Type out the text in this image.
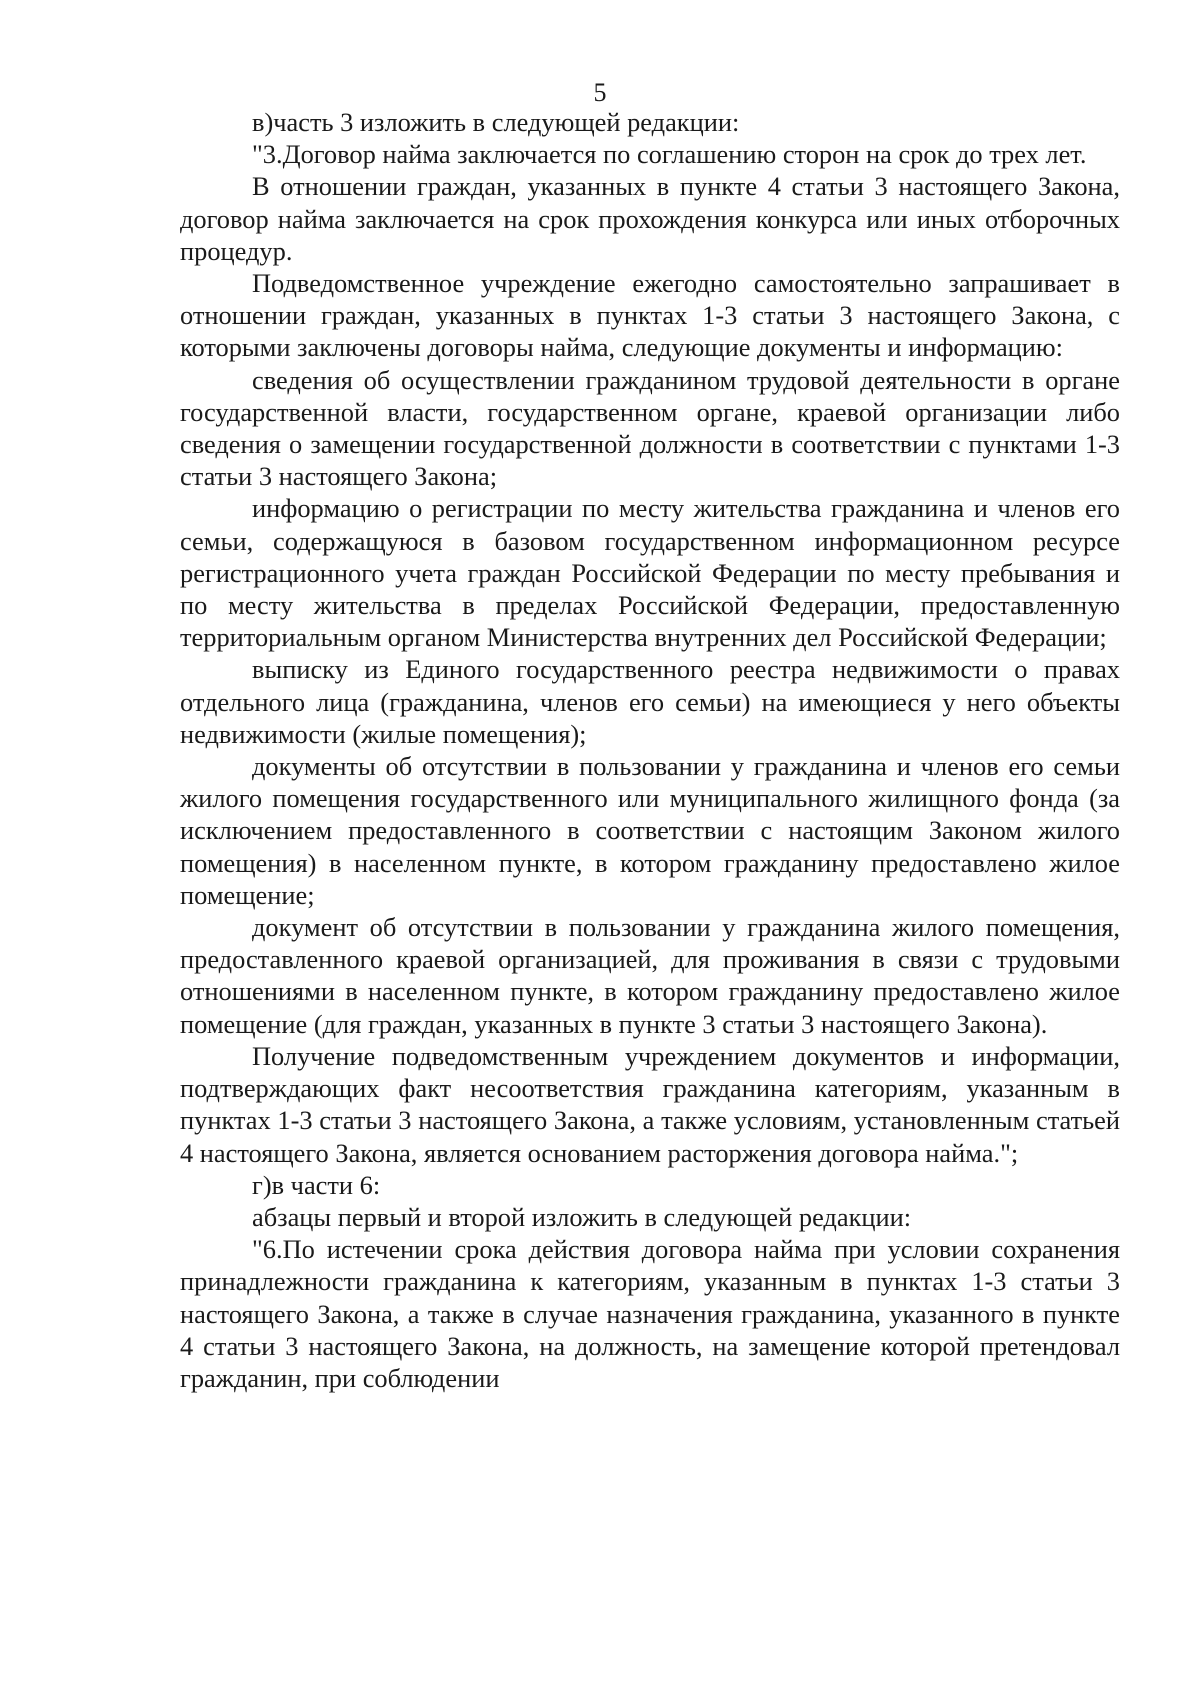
5

в)часть 3 изложить в следующей редакции:

"3.Договор найма заключается по соглашению сторон на срок до трех лет.

В отношении граждан, указанных в пункте 4 статьи 3 настоящего Закона, договор найма заключается на срок прохождения конкурса или иных отборочных процедур.

Подведомственное учреждение ежегодно самостоятельно запрашивает в отношении граждан, указанных в пунктах 1-3 статьи 3 настоящего Закона, с которыми заключены договоры найма, следующие документы и информацию:

сведения об осуществлении гражданином трудовой деятельности в органе государственной власти, государственном органе, краевой организации либо сведения о замещении государственной должности в соответствии с пунктами 1-3 статьи 3 настоящего Закона;

информацию о регистрации по месту жительства гражданина и членов его семьи, содержащуюся в базовом государственном информационном ресурсе регистрационного учета граждан Российской Федерации по месту пребывания и по месту жительства в пределах Российской Федерации, предоставленную территориальным органом Министерства внутренних дел Российской Федерации;

выписку из Единого государственного реестра недвижимости о правах отдельного лица (гражданина, членов его семьи) на имеющиеся у него объекты недвижимости (жилые помещения);

документы об отсутствии в пользовании у гражданина и членов его семьи жилого помещения государственного или муниципального жилищного фонда (за исключением предоставленного в соответствии с настоящим Законом жилого помещения) в населенном пункте, в котором гражданину предоставлено жилое помещение;

документ об отсутствии в пользовании у гражданина жилого помещения, предоставленного краевой организацией, для проживания в связи с трудовыми отношениями в населенном пункте, в котором гражданину предоставлено жилое помещение (для граждан, указанных в пункте 3 статьи 3 настоящего Закона).

Получение подведомственным учреждением документов и информации, подтверждающих факт несоответствия гражданина категориям, указанным в пунктах 1-3 статьи 3 настоящего Закона, а также условиям, установленным статьей 4 настоящего Закона, является основанием расторжения договора найма.";

г)в части 6:

абзацы первый и второй изложить в следующей редакции:

"6.По истечении срока действия договора найма при условии сохранения принадлежности гражданина к категориям, указанным в пунктах 1-3 статьи 3 настоящего Закона, а также в случае назначения гражданина, указанного в пункте 4 статьи 3 настоящего Закона, на должность, на замещение которой претендовал гражданин, при соблюдении
